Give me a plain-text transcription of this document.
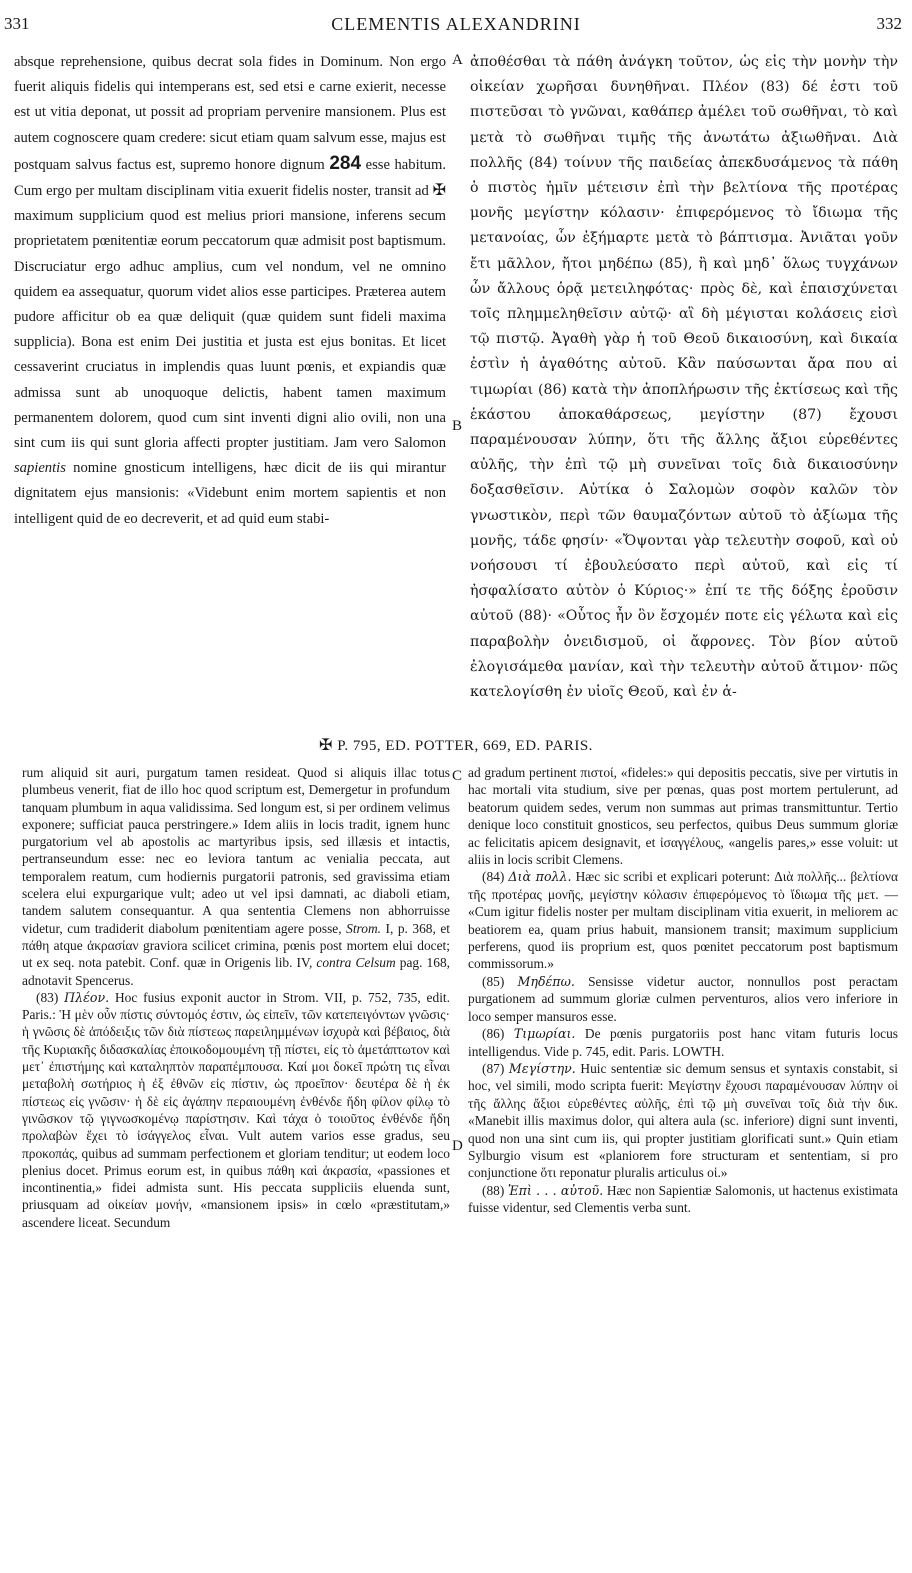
331	CLEMENTIS ALEXANDRINI	332

absque reprehensione, quibus decrat sola fides in Dominum. Non ergo fuerit aliquis fidelis qui intemperans est, sed etsi e carne exierit, necesse est ut vitia deponat, ut possit ad propriam pervenire mansionem. Plus est autem cognoscere quam credere: sicut etiam quam salvum esse, majus est postquam salvus factus est, supremo honore dignum 284 esse habitum. Cum ergo per multam disciplinam vitia exuerit fidelis noster, transit ad ✠ maximum supplicium quod est melius priori mansione, inferens secum proprietatem pœnitentiæ eorum peccatorum quæ admisit post baptismum. Discruciatur ergo adhuc amplius, cum vel nondum, vel ne omnino quidem ea assequatur, quorum videt alios esse participes. Præterea autem pudore afficitur ob ea quæ deliquit (quæ quidem sunt fideli maxima supplicia). Bona est enim Dei justitia et justa est ejus bonitas. Et licet cessaverint cruciatus in implendis quas luunt pœnis, et expiandis quæ admissa sunt ab unoquoque delictis, habent tamen maximum permanentem dolorem, quod cum sint inventi digni alio ovili, non una sint cum iis qui sunt gloria affecti propter justitiam. Jam vero Salomon sapientis nomine gnosticum intelligens, hæc dicit de iis qui mirantur dignitatem ejus mansionis: «Videbunt enim mortem sapientis et non intelligent quid de eo decreverit, et ad quid eum stabi-

A
B

ἀποθέσθαι τὰ πάθη ἀνάγκη τοῦτον, ὡς εἰς τὴν μονὴν τὴν οἰκείαν χωρῆσαι δυνηθῆναι. Πλέον (83) δέ ἐστι τοῦ πιστεῦσαι τὸ γνῶναι, καθάπερ ἀμέλει τοῦ σωθῆναι, τὸ καὶ μετὰ τὸ σωθῆναι τιμῆς τῆς ἀνωτάτω ἀξιωθῆναι. Διὰ πολλῆς (84) τοίνυν τῆς παιδείας ἀπεκδυσάμενος τὰ πάθη ὁ πιστὸς ἡμῖν μέτεισιν ἐπὶ τὴν βελτίονα τῆς προτέρας μονῆς μεγίστην κόλασιν· ἐπιφερόμενος τὸ ἴδιωμα τῆς μετανοίας, ὧν ἐξήμαρτε μετὰ τὸ βάπτισμα. Ἀνιᾶται γοῦν ἔτι μᾶλλον, ἤτοι μηδέπω (85), ἢ καὶ μηδ᾽ ὅλως τυγχάνων ὧν ἄλλους ὁρᾷ μετειληφότας· πρὸς δὲ, καὶ ἐπαισχύνεται τοῖς πλημμεληθεῖσιν αὐτῷ· αἳ δὴ μέγισται κολάσεις εἰσὶ τῷ πιστῷ. Ἀγαθὴ γὰρ ἡ τοῦ Θεοῦ δικαιοσύνη, καὶ δικαία ἐστὶν ἡ ἀγαθότης αὐτοῦ. Κἂν παύσωνται ἄρα που αἱ τιμωρίαι (86) κατὰ τὴν ἀποπλήρωσιν τῆς ἐκτίσεως καὶ τῆς ἑκάστου ἀποκαθάρσεως, μεγίστην (87) ἔχουσι παραμένουσαν λύπην, ὅτι τῆς ἄλλης ἄξιοι εὑρεθέντες αὐλῆς, τὴν ἐπὶ τῷ μὴ συνεῖναι τοῖς διὰ δικαιοσύνην δοξασθεῖσιν. Αὐτίκα ὁ Σαλομὼν σοφὸν καλῶν τὸν γνωστικὸν, περὶ τῶν θαυμαζόντων αὐτοῦ τὸ ἀξίωμα τῆς μονῆς, τάδε φησίν· «Ὄψονται γὰρ τελευτὴν σοφοῦ, καὶ οὐ νοήσουσι τί ἐβουλεύσατο περὶ αὐτοῦ, καὶ εἰς τί ἠσφαλίσατο αὐτὸν ὁ Κύριος·» ἐπί τε τῆς δόξης ἐροῦσιν αὐτοῦ (88)· «Οὗτος ἦν ὃν ἔσχομέν ποτε εἰς γέλωτα καὶ εἰς παραβολὴν ὀνειδισμοῦ, οἱ ἄφρονες. Τὸν βίον αὐτοῦ ἐλογισάμεθα μανίαν, καὶ τὴν τελευτὴν αὐτοῦ ἄτιμον· πῶς κατελογίσθη ἐν υἱοῖς Θεοῦ, καὶ ἐν ἁ-

✠ P. 795, ED. POTTER, 669, ED. PARIS.

rum aliquid sit auri, purgatum tamen resideat. Quod si aliquis illac totus plumbeus venerit, fiat de illo hoc quod scriptum est, Demergetur in profundum tanquam plumbum in aqua validissima. Sed longum est, si per ordinem velimus exponere; sufficiat pauca perstringere.» Idem aliis in locis tradit, ignem hunc purgatorium vel ab apostolis ac martyribus ipsis, sed illæsis et intactis, pertranseundum esse: nec eo leviora tantum ac venialia peccata, aut temporalem reatum, cum hodiernis purgatorii patronis, sed gravissima etiam scelera elui expurgarique vult; adeo ut vel ipsi damnati, ac diaboli etiam, tandem salutem consequantur. A qua sententia Clemens non abhorruisse videtur, cum tradiderit diabolum pœnitentiam agere posse, Strom. I, p. 368, et πάθη atque ἀκρασίαν graviora scilicet crimina, pœnis post mortem elui docet; ut ex seq. nota patebit. Conf. quæ in Origenis lib. IV, contra Celsum pag. 168, adnotavit Spencerus.

(83) Πλέον. Hoc fusius exponit auctor in Strom. VII, p. 752, 735, edit. Paris.: Ἡ μὲν οὖν πίστις σύντομός ἐστιν, ὡς εἰπεῖν, τῶν κατεπειγόντων γνῶσις· ἡ γνῶσις δὲ ἀπόδειξις τῶν διὰ πίστεως παρειλημμένων ἰσχυρὰ καὶ βέβαιος, διὰ τῆς Κυριακῆς διδασκαλίας ἐποικοδομουμένη τῇ πίστει, εἰς τὸ ἀμετάπτωτον καὶ μετ᾽ ἐπιστήμης καὶ καταληπτὸν παραπέμπουσα. Καί μοι δοκεῖ πρώτη τις εἶναι μεταβολὴ σωτήριος ἡ ἐξ ἐθνῶν εἰς πίστιν, ὡς προεῖπον· δευτέρα δὲ ἡ ἐκ πίστεως εἰς γνῶσιν· ἡ δὲ εἰς ἀγάπην περαιουμένη ἐνθένδε ἤδη φίλον φίλῳ τὸ γινῶσκον τῷ γιγνωσκομένῳ παρίστησιν. Καὶ τάχα ὁ τοιοῦτος ἐνθένδε ἤδη προλαβὼν ἔχει τὸ ἰσάγγελος εἶναι. Vult autem varios esse gradus, seu προκοπάς, quibus ad summam perfectionem et gloriam tenditur; ut eodem loco plenius docet. Primus eorum est, in quibus πάθη καὶ ἀκρασία, «passiones et incontinentia,» fidei admista sunt. His peccata suppliciis eluenda sunt, priusquam ad οἰκείαν μονήν, «mansionem ipsis» in cœlo «præstitutam,» ascendere liceat. Secundum

C
D

ad gradum pertinent πιστοί, «fideles:» qui depositis peccatis, sive per virtutis in hac mortali vita studium, sive per pœnas, quas post mortem pertulerunt, ad beatorum quidem sedes, verum non summas aut primas transmittuntur. Tertio denique loco constituit gnosticos, seu perfectos, quibus Deus summum gloriæ ac felicitatis apicem designavit, et ἰσαγγέλους, «angelis pares,» esse voluit: ut aliis in locis scribit Clemens.

(84) Διὰ πολλ. Hæc sic scribi et explicari poterunt: Διὰ πολλῆς... βελτίονα τῆς προτέρας μονῆς, μεγίστην κόλασιν ἐπιφερόμενος τὸ ἴδιωμα τῆς μετ. — «Cum igitur fidelis noster per multam disciplinam vitia exuerit, in meliorem ac beatiorem ea, quam prius habuit, mansionem transit; maximum supplicium perferens, quod iis proprium est, quos pœnitet peccatorum post baptismum commissorum.»

(85) Μηδέπω. Sensisse videtur auctor, nonnullos post peractam purgationem ad summum gloriæ culmen perventuros, alios vero inferiore in loco semper mansuros esse.

(86) Τιμωρίαι. De pœnis purgatoriis post hanc vitam futuris locus intelligendus. Vide p. 745, edit. Paris. LOWTH.

(87) Μεγίστην. Huic sententiæ sic demum sensus et syntaxis constabit, si hoc, vel simili, modo scripta fuerit: Μεγίστην ἔχουσι παραμένουσαν λύπην οἱ τῆς ἄλλης ἄξιοι εὑρεθέντες αὐλῆς, ἐπὶ τῷ μὴ συνεῖναι τοῖς διὰ τὴν δικ. «Manebit illis maximus dolor, qui altera aula (sc. inferiore) digni sunt inventi, quod non una sint cum iis, qui propter justitiam glorificati sunt.» Quin etiam Sylburgio visum est «planiorem fore structuram et sententiam, si pro conjunctione ὅτι reponatur pluralis articulus οἱ.»

(88) Ἐπὶ . . . αὐτοῦ. Hæc non Sapientiæ Salomonis, ut hactenus existimata fuisse videntur, sed Clementis verba sunt.
